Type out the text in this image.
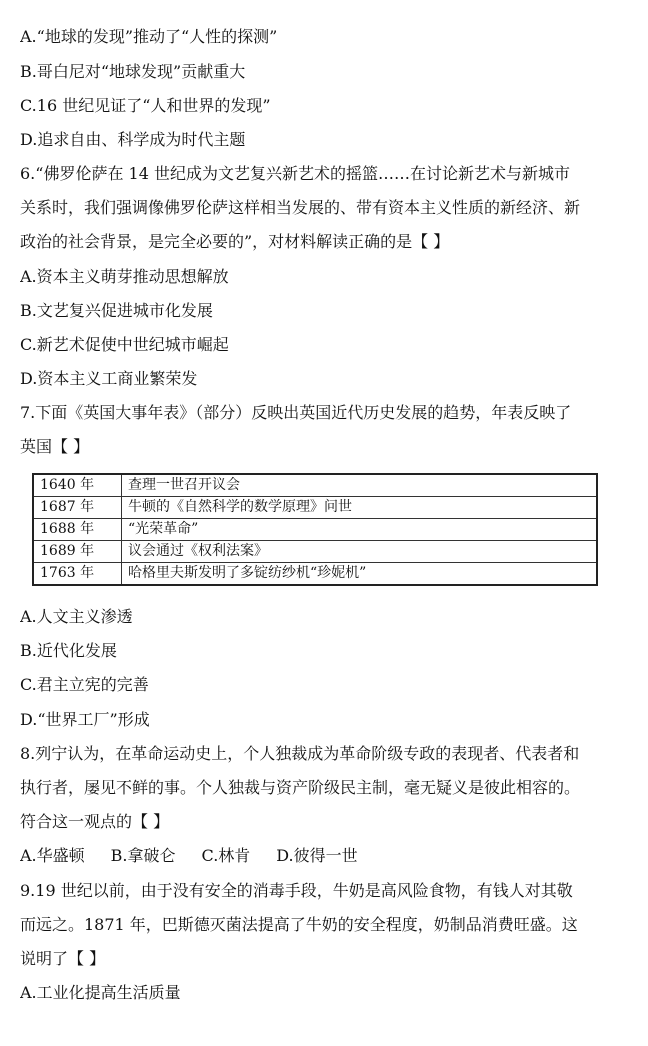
A.“地球的发现”推动了“人性的探测”
B.哥白尼对“地球发现”贡献重大
C.16 世纪见证了“人和世界的发现”
D.追求自由、科学成为时代主题
6.“佛罗伦萨在 14 世纪成为文艺复兴新艺术的摇篮……在讨论新艺术与新城市
关系时，我们强调像佛罗伦萨这样相当发展的、带有资本主义性质的新经济、新
政治的社会背景，是完全必要的”，对材料解读正确的是【 】
A.资本主义萌芽推动思想解放
B.文艺复兴促进城市化发展
C.新艺术促使中世纪城市崛起
D.资本主义工商业繁荣发
7.下面《英国大事年表》（部分）反映出英国近代历史发展的趋势，年表反映了
英国【 】
1640 年	查理一世召开议会
1687 年	牛顿的《自然科学的数学原理》问世
1688 年	“光荣革命”
1689 年	议会通过《权利法案》
1763 年	哈格里夫斯发明了多锭纺纱机“珍妮机”
A.人文主义渗透
B.近代化发展
C.君主立宪的完善
D.“世界工厂”形成
8.列宁认为，在革命运动史上，个人独裁成为革命阶级专政的表现者、代表者和
执行者，屡见不鲜的事。个人独裁与资产阶级民主制，毫无疑义是彼此相容的。
符合这一观点的【 】
A.华盛顿 B.拿破仑 C.林肯 D.彼得一世
9.19 世纪以前，由于没有安全的消毒手段，牛奶是高风险食物，有钱人对其敬
而远之。1871 年，巴斯德灭菌法提高了牛奶的安全程度，奶制品消费旺盛。这
说明了【 】
A.工业化提高生活质量
